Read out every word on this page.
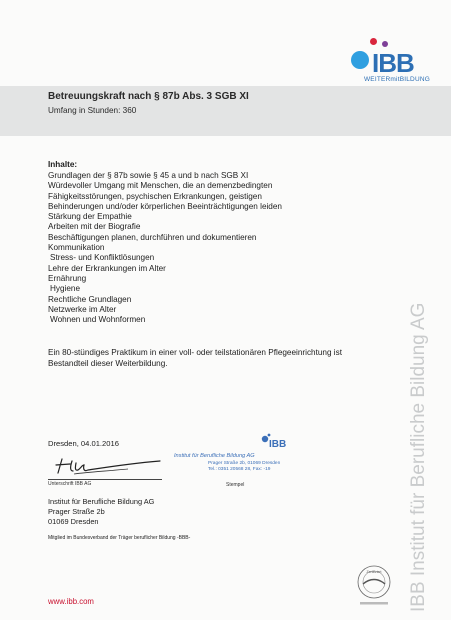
IBB
WEITERmitBILDUNG
Betreuungskraft nach § 87b Abs. 3 SGB XI
Umfang in Stunden: 360
Inhalte:
Grundlagen der § 87b sowie § 45 a und b nach SGB XI
Würdevoller Umgang mit Menschen, die an demenzbedingten
Fähigkeitsstörungen, psychischen Erkrankungen, geistigen
Behinderungen und/oder körperlichen Beeinträchtigungen leiden
Stärkung der Empathie
Arbeiten mit der Biografie
Beschäftigungen planen, durchführen und dokumentieren
Kommunikation
Stress- und Konfliktlösungen
Lehre der Erkrankungen im Alter
Ernährung
Hygiene
Rechtliche Grundlagen
Netzwerke im Alter
Wohnen und Wohnformen
Ein 80-stündiges Praktikum in einer voll- oder teilstationären Pflegeeinrichtung ist Bestandteil dieser Weiterbildung.
Dresden, 04.01.2016
Unterschrift IBB AG
IBB
Institut für Berufliche Bildung AG
Prager Straße 2b, 01069 Dresden
Tel.: 0351 20568 28, Fax: -19
Stempel
Institut für Berufliche Bildung AG
Prager Straße 2b
01069 Dresden
Mitglied im Bundesverband der Träger beruflicher Bildung -BBB-
www.ibb.com	IBB Institut für Berufliche Bildung AG
Zertifiziert
